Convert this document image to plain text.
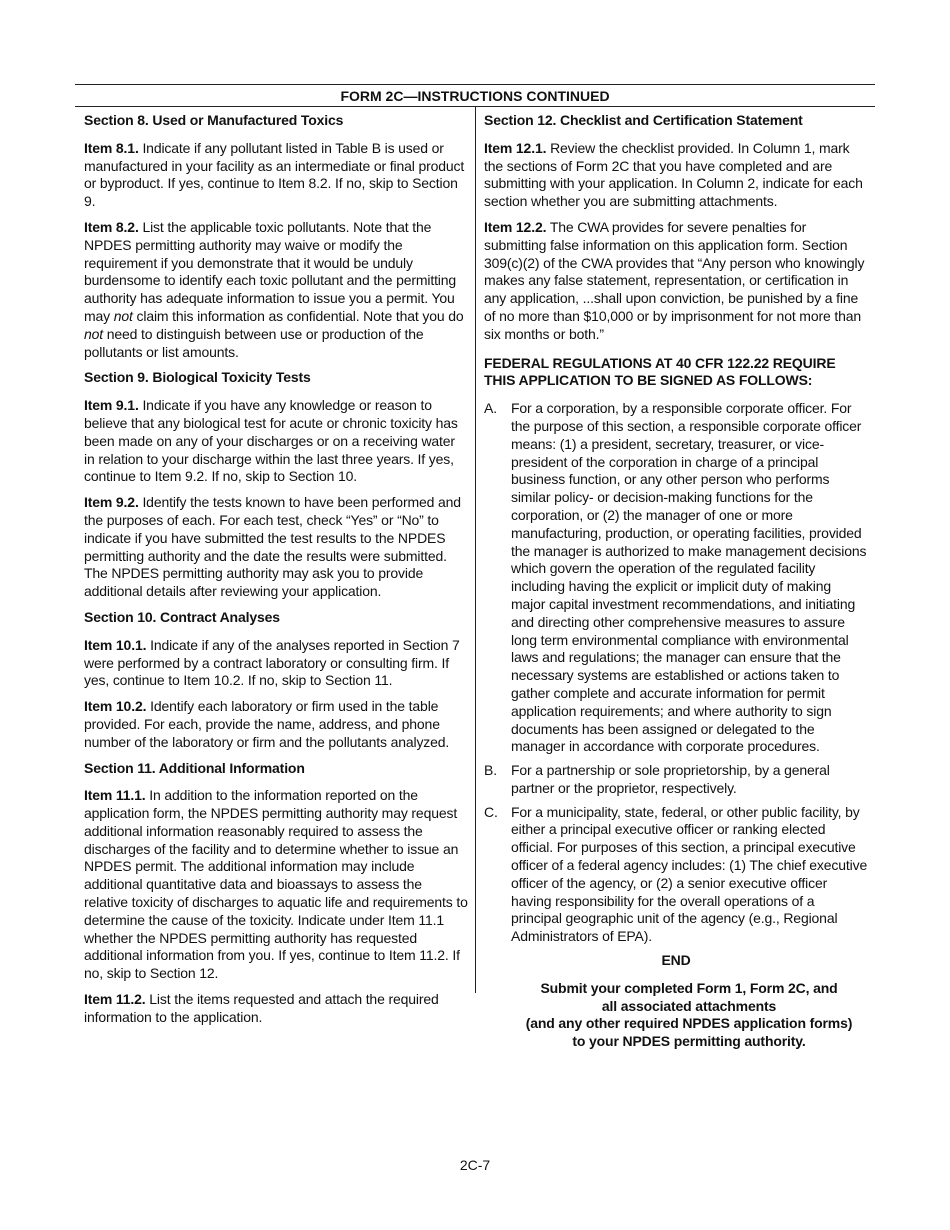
FORM 2C—INSTRUCTIONS CONTINUED
Section 8. Used or Manufactured Toxics

Item 8.1. Indicate if any pollutant listed in Table B is used or manufactured in your facility as an intermediate or final product or byproduct. If yes, continue to Item 8.2. If no, skip to Section 9.

Item 8.2. List the applicable toxic pollutants. Note that the NPDES permitting authority may waive or modify the requirement if you demonstrate that it would be unduly burdensome to identify each toxic pollutant and the permitting authority has adequate information to issue you a permit. You may not claim this information as confidential. Note that you do not need to distinguish between use or production of the pollutants or list amounts.

Section 9. Biological Toxicity Tests

Item 9.1. Indicate if you have any knowledge or reason to believe that any biological test for acute or chronic toxicity has been made on any of your discharges or on a receiving water in relation to your discharge within the last three years. If yes, continue to Item 9.2. If no, skip to Section 10.

Item 9.2. Identify the tests known to have been performed and the purposes of each. For each test, check “Yes” or “No” to indicate if you have submitted the test results to the NPDES permitting authority and the date the results were submitted. The NPDES permitting authority may ask you to provide additional details after reviewing your application.

Section 10. Contract Analyses

Item 10.1. Indicate if any of the analyses reported in Section 7 were performed by a contract laboratory or consulting firm. If yes, continue to Item 10.2. If no, skip to Section 11.

Item 10.2. Identify each laboratory or firm used in the table provided. For each, provide the name, address, and phone number of the laboratory or firm and the pollutants analyzed.

Section 11. Additional Information

Item 11.1. In addition to the information reported on the application form, the NPDES permitting authority may request additional information reasonably required to assess the discharges of the facility and to determine whether to issue an NPDES permit. The additional information may include additional quantitative data and bioassays to assess the relative toxicity of discharges to aquatic life and requirements to determine the cause of the toxicity. Indicate under Item 11.1 whether the NPDES permitting authority has requested additional information from you. If yes, continue to Item 11.2. If no, skip to Section 12.

Item 11.2. List the items requested and attach the required information to the application.

Section 12. Checklist and Certification Statement

Item 12.1. Review the checklist provided. In Column 1, mark the sections of Form 2C that you have completed and are submitting with your application. In Column 2, indicate for each section whether you are submitting attachments.

Item 12.2. The CWA provides for severe penalties for submitting false information on this application form. Section 309(c)(2) of the CWA provides that “Any person who knowingly makes any false statement, representation, or certification in any application, ...shall upon conviction, be punished by a fine of no more than $10,000 or by imprisonment for not more than six months or both.”

FEDERAL REGULATIONS AT 40 CFR 122.22 REQUIRE THIS APPLICATION TO BE SIGNED AS FOLLOWS:
A.	For a corporation, by a responsible corporate officer. For the purpose of this section, a responsible corporate officer means: (1) a president, secretary, treasurer, or vice-president of the corporation in charge of a principal business function, or any other person who performs similar policy- or decision-making functions for the corporation, or (2) the manager of one or more manufacturing, production, or operating facilities, provided the manager is authorized to make management decisions which govern the operation of the regulated facility including having the explicit or implicit duty of making major capital investment recommendations, and initiating and directing other comprehensive measures to assure long term environmental compliance with environmental laws and regulations; the manager can ensure that the necessary systems are established or actions taken to gather complete and accurate information for permit application requirements; and where authority to sign documents has been assigned or delegated to the manager in accordance with corporate procedures.
B.	For a partnership or sole proprietorship, by a general partner or the proprietor, respectively.
C. For a municipality, state, federal, or other public facility, by either a principal executive officer or ranking elected official. For purposes of this section, a principal executive officer of a federal agency includes: (1) The chief executive officer of the agency, or (2) a senior executive officer having responsibility for the overall operations of a principal geographic unit of the agency (e.g., Regional Administrators of EPA).
END
Submit your completed Form 1, Form 2C, and
all associated attachments
(and any other required NPDES application forms)
to your NPDES permitting authority.
2C-7
